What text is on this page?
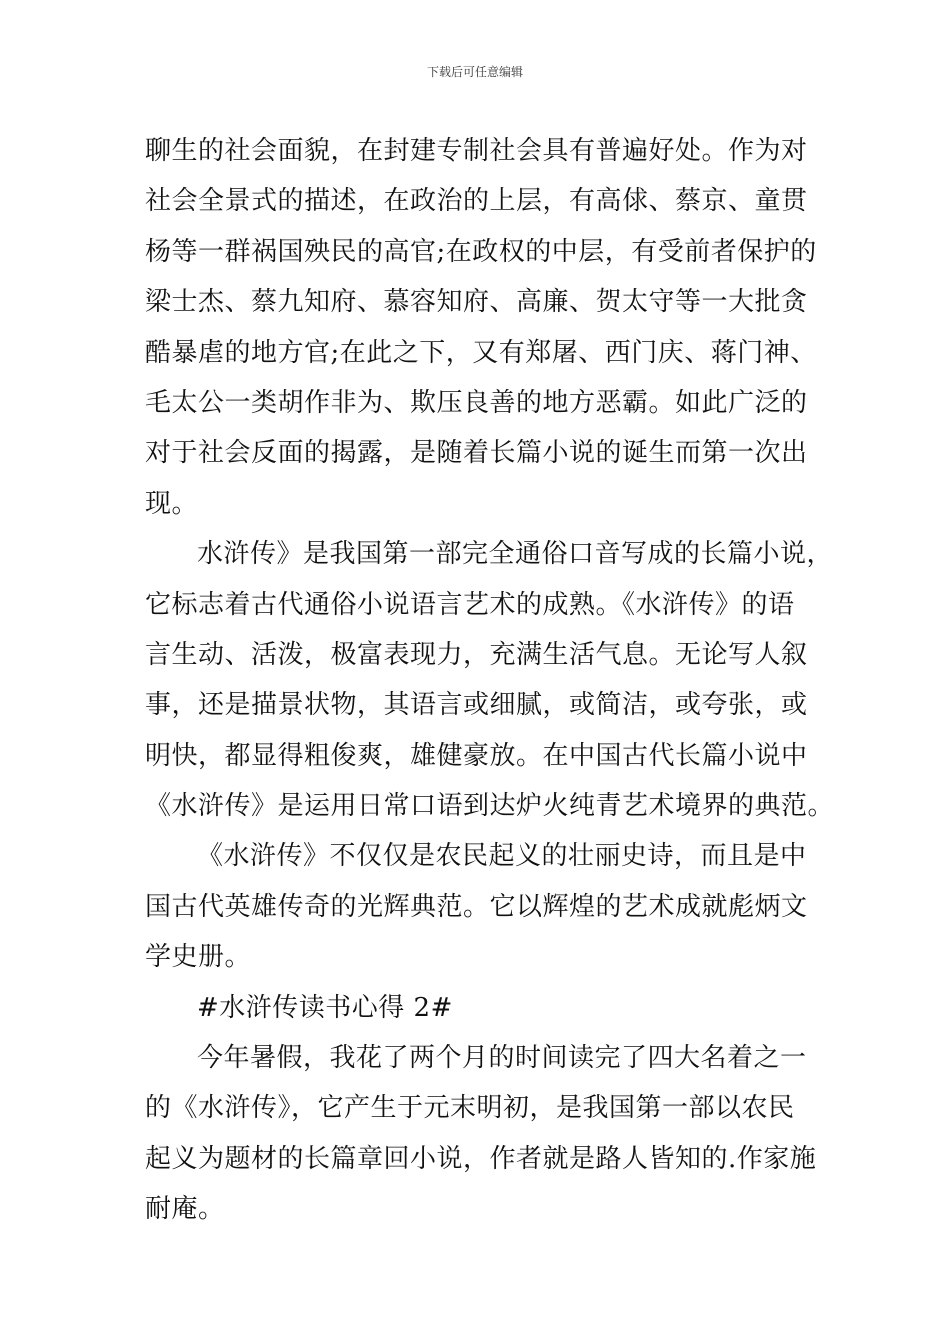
下载后可任意编辑
聊生的社会面貌，在封建专制社会具有普遍好处。作为对
社会全景式的描述，在政治的上层，有高俅、蔡京、童贯
杨等一群祸国殃民的高官;在政权的中层，有受前者保护的
梁士杰、蔡九知府、慕容知府、高廉、贺太守等一大批贪
酷暴虐的地方官;在此之下，又有郑屠、西门庆、蒋门神、
毛太公一类胡作非为、欺压良善的地方恶霸。如此广泛的
对于社会反面的揭露，是随着长篇小说的诞生而第一次出
现。
水浒传》是我国第一部完全通俗口音写成的长篇小说，
它标志着古代通俗小说语言艺术的成熟。《水浒传》的语
言生动、活泼，极富表现力，充满生活气息。无论写人叙
事，还是描景状物，其语言或细腻，或简洁，或夸张，或
明快，都显得粗俊爽，雄健豪放。在中国古代长篇小说中
《水浒传》是运用日常口语到达炉火纯青艺术境界的典范。
《水浒传》不仅仅是农民起义的壮丽史诗，而且是中
国古代英雄传奇的光辉典范。它以辉煌的艺术成就彪炳文
学史册。
#水浒传读书心得 2#
今年暑假，我花了两个月的时间读完了四大名着之一
的《水浒传》，它产生于元末明初，是我国第一部以农民
起义为题材的长篇章回小说，作者就是路人皆知的.作家施
耐庵。
